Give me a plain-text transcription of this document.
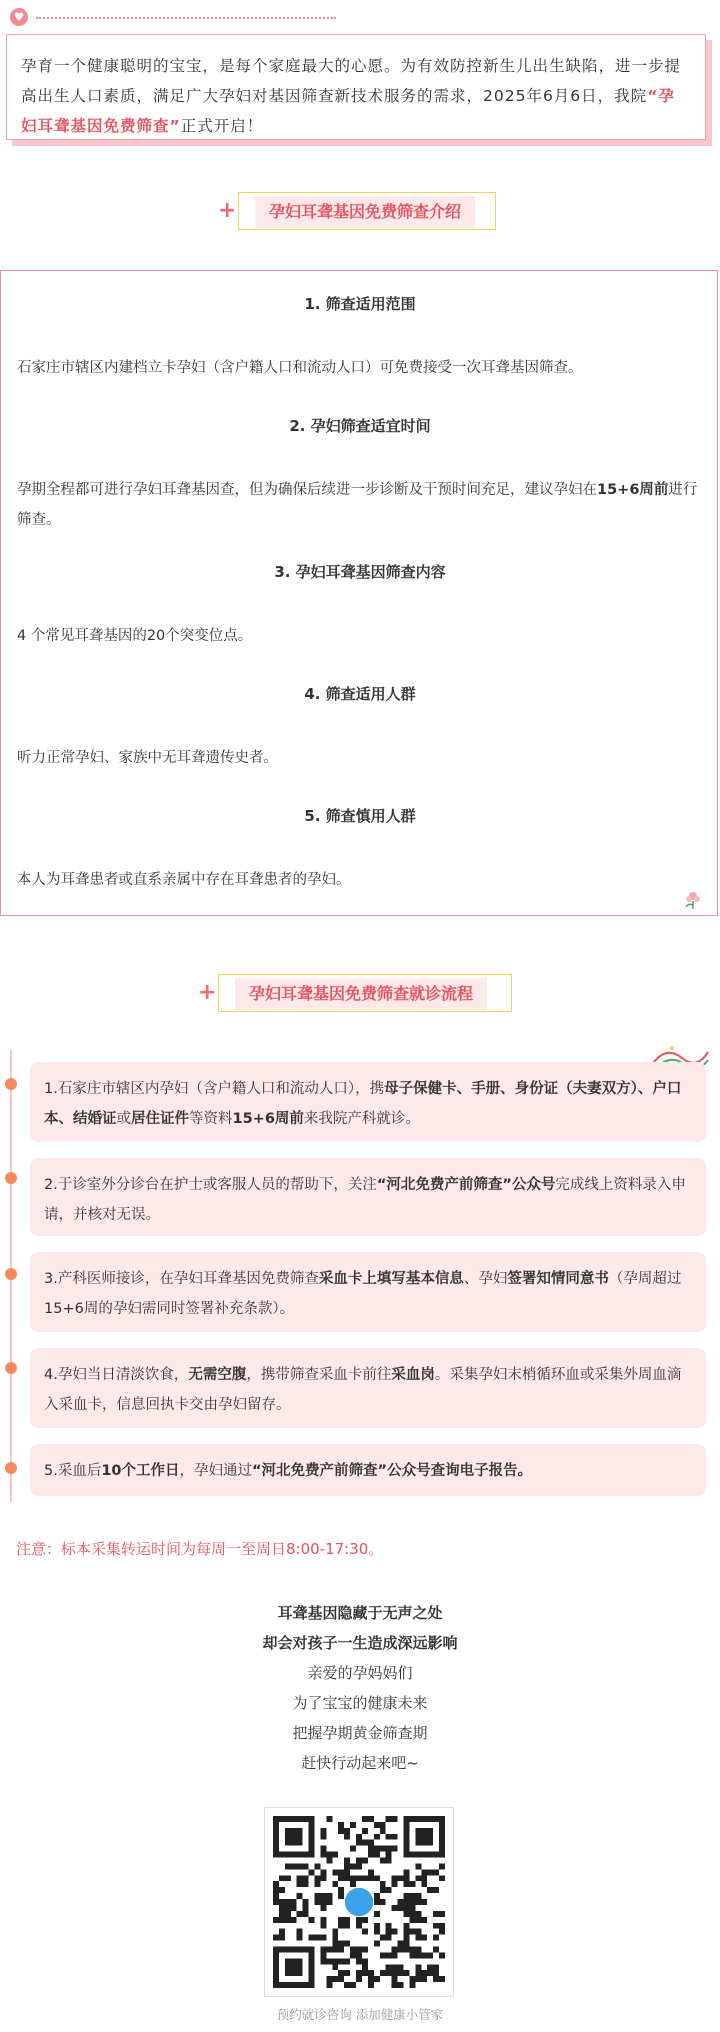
♥
孕育一个健康聪明的宝宝，是每个家庭最大的心愿。为有效防控新生儿出生缺陷，进一步提高出生人口素质，满足广大孕妇对基因筛查新技术服务的需求，2025年6月6日，我院“孕妇耳聋基因免费筛查”正式开启！
+	孕妇耳聋基因免费筛查介绍
1. 筛查适用范围
石家庄市辖区内建档立卡孕妇（含户籍人口和流动人口）可免费接受一次耳聋基因筛查。
2. 孕妇筛查适宜时间
孕期全程都可进行孕妇耳聋基因查，但为确保后续进一步诊断及干预时间充足，建议孕妇在15+6周前进行筛查。
3. 孕妇耳聋基因筛查内容
4 个常见耳聋基因的20个突变位点。
4. 筛查适用人群
听力正常孕妇、家族中无耳聋遗传史者。
5. 筛查慎用人群
本人为耳聋患者或直系亲属中存在耳聋患者的孕妇。
+	孕妇耳聋基因免费筛查就诊流程
1.石家庄市辖区内孕妇（含户籍人口和流动人口），携母子保健卡、手册、身份证（夫妻双方）、户口本、结婚证或居住证件等资料15+6周前来我院产科就诊。
2.于诊室外分诊台在护士或客服人员的帮助下，关注“河北免费产前筛查”公众号完成线上资料录入申请，并核对无误。
3.产科医师接诊，在孕妇耳聋基因免费筛查采血卡上填写基本信息、孕妇签署知情同意书（孕周超过15+6周的孕妇需同时签署补充条款）。
4.孕妇当日清淡饮食，无需空腹，携带筛查采血卡前往采血岗。采集孕妇末梢循环血或采集外周血滴入采血卡，信息回执卡交由孕妇留存。
5.采血后10个工作日，孕妇通过“河北免费产前筛查”公众号查询电子报告。
注意：标本采集转运时间为每周一至周日8:00-17:30。
耳聋基因隐藏于无声之处
却会对孩子一生造成深远影响
亲爱的孕妈妈们
为了宝宝的健康未来
把握孕期黄金筛查期
赶快行动起来吧~
预约就诊咨询 添加健康小管家
